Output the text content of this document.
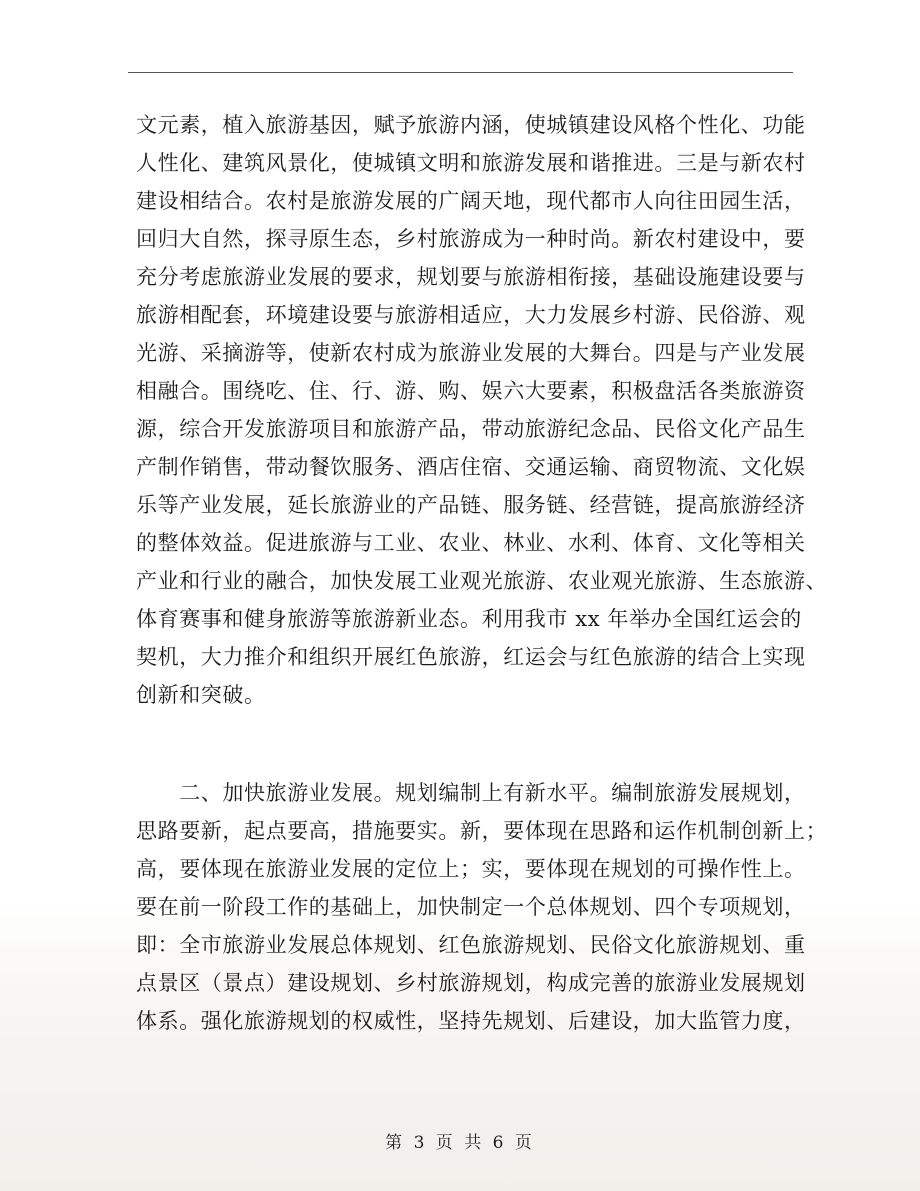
文元素，植入旅游基因，赋予旅游内涵，使城镇建设风格个性化、功能
人性化、建筑风景化，使城镇文明和旅游发展和谐推进。三是与新农村
建设相结合。农村是旅游发展的广阔天地，现代都市人向往田园生活，
回归大自然，探寻原生态，乡村旅游成为一种时尚。新农村建设中，要
充分考虑旅游业发展的要求，规划要与旅游相衔接，基础设施建设要与
旅游相配套，环境建设要与旅游相适应，大力发展乡村游、民俗游、观
光游、采摘游等，使新农村成为旅游业发展的大舞台。四是与产业发展
相融合。围绕吃、住、行、游、购、娱六大要素，积极盘活各类旅游资
源，综合开发旅游项目和旅游产品，带动旅游纪念品、民俗文化产品生
产制作销售，带动餐饮服务、酒店住宿、交通运输、商贸物流、文化娱
乐等产业发展，延长旅游业的产品链、服务链、经营链，提高旅游经济
的整体效益。促进旅游与工业、农业、林业、水利、体育、文化等相关
产业和行业的融合，加快发展工业观光旅游、农业观光旅游、生态旅游、
体育赛事和健身旅游等旅游新业态。利用我市 xx 年举办全国红运会的
契机，大力推介和组织开展红色旅游，红运会与红色旅游的结合上实现
创新和突破。

　　二、加快旅游业发展。规划编制上有新水平。编制旅游发展规划，
思路要新，起点要高，措施要实。新，要体现在思路和运作机制创新上；
高，要体现在旅游业发展的定位上；实，要体现在规划的可操作性上。
要在前一阶段工作的基础上，加快制定一个总体规划、四个专项规划，
即：全市旅游业发展总体规划、红色旅游规划、民俗文化旅游规划、重
点景区（景点）建设规划、乡村旅游规划，构成完善的旅游业发展规划
体系。强化旅游规划的权威性，坚持先规划、后建设，加大监管力度，

第 3 页 共 6 页
